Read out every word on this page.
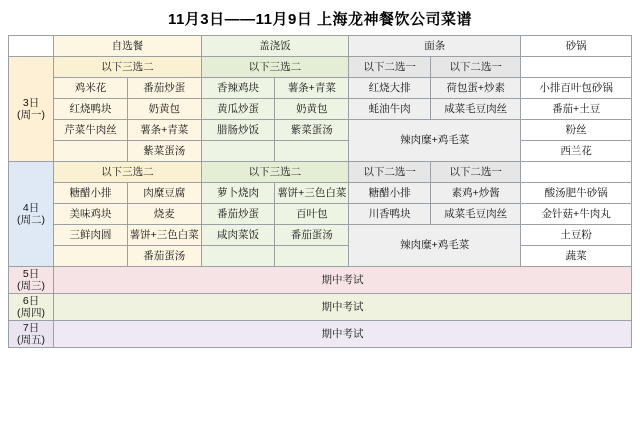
11月3日——11月9日 上海龙神餐饮公司菜谱
	自选餐		盖浇饭		面条		砂锅

3日
(周一)	以下三选二		以下三选二		以下二选一	以下二选一	
	鸡米花	番茄炒蛋	香辣鸡块	薯条+青菜	红烧大排	荷包蛋+炒素	小排百叶包砂锅
	红烧鸭块	奶黄包	黄瓜炒蛋	奶黄包	蚝油牛肉	咸菜毛豆肉丝	番茄+土豆
	芹菜牛肉丝	薯条+青菜	腊肠炒饭	紫菜蛋汤	辣肉糜+鸡毛菜		粉丝
		紫菜蛋汤					西兰花

4日
(周二)	以下三选二		以下三选二		以下二选一	以下二选一	
	糖醋小排	肉糜豆腐	萝卜烧肉	薯饼+三色白菜	糖醋小排	素鸡+炒酱	酸汤肥牛砂锅
	美味鸡块	烧麦	番茄炒蛋	百叶包	川香鸭块	咸菜毛豆肉丝	金针菇+牛肉丸
	三鲜肉圆	薯饼+三色白菜	咸肉菜饭	番茄蛋汤	辣肉糜+鸡毛菜		土豆粉
		番茄蛋汤					蔬菜

5日
(周三)	期中考试						

6日
(周四)	期中考试						

7日
(周五)	期中考试						
